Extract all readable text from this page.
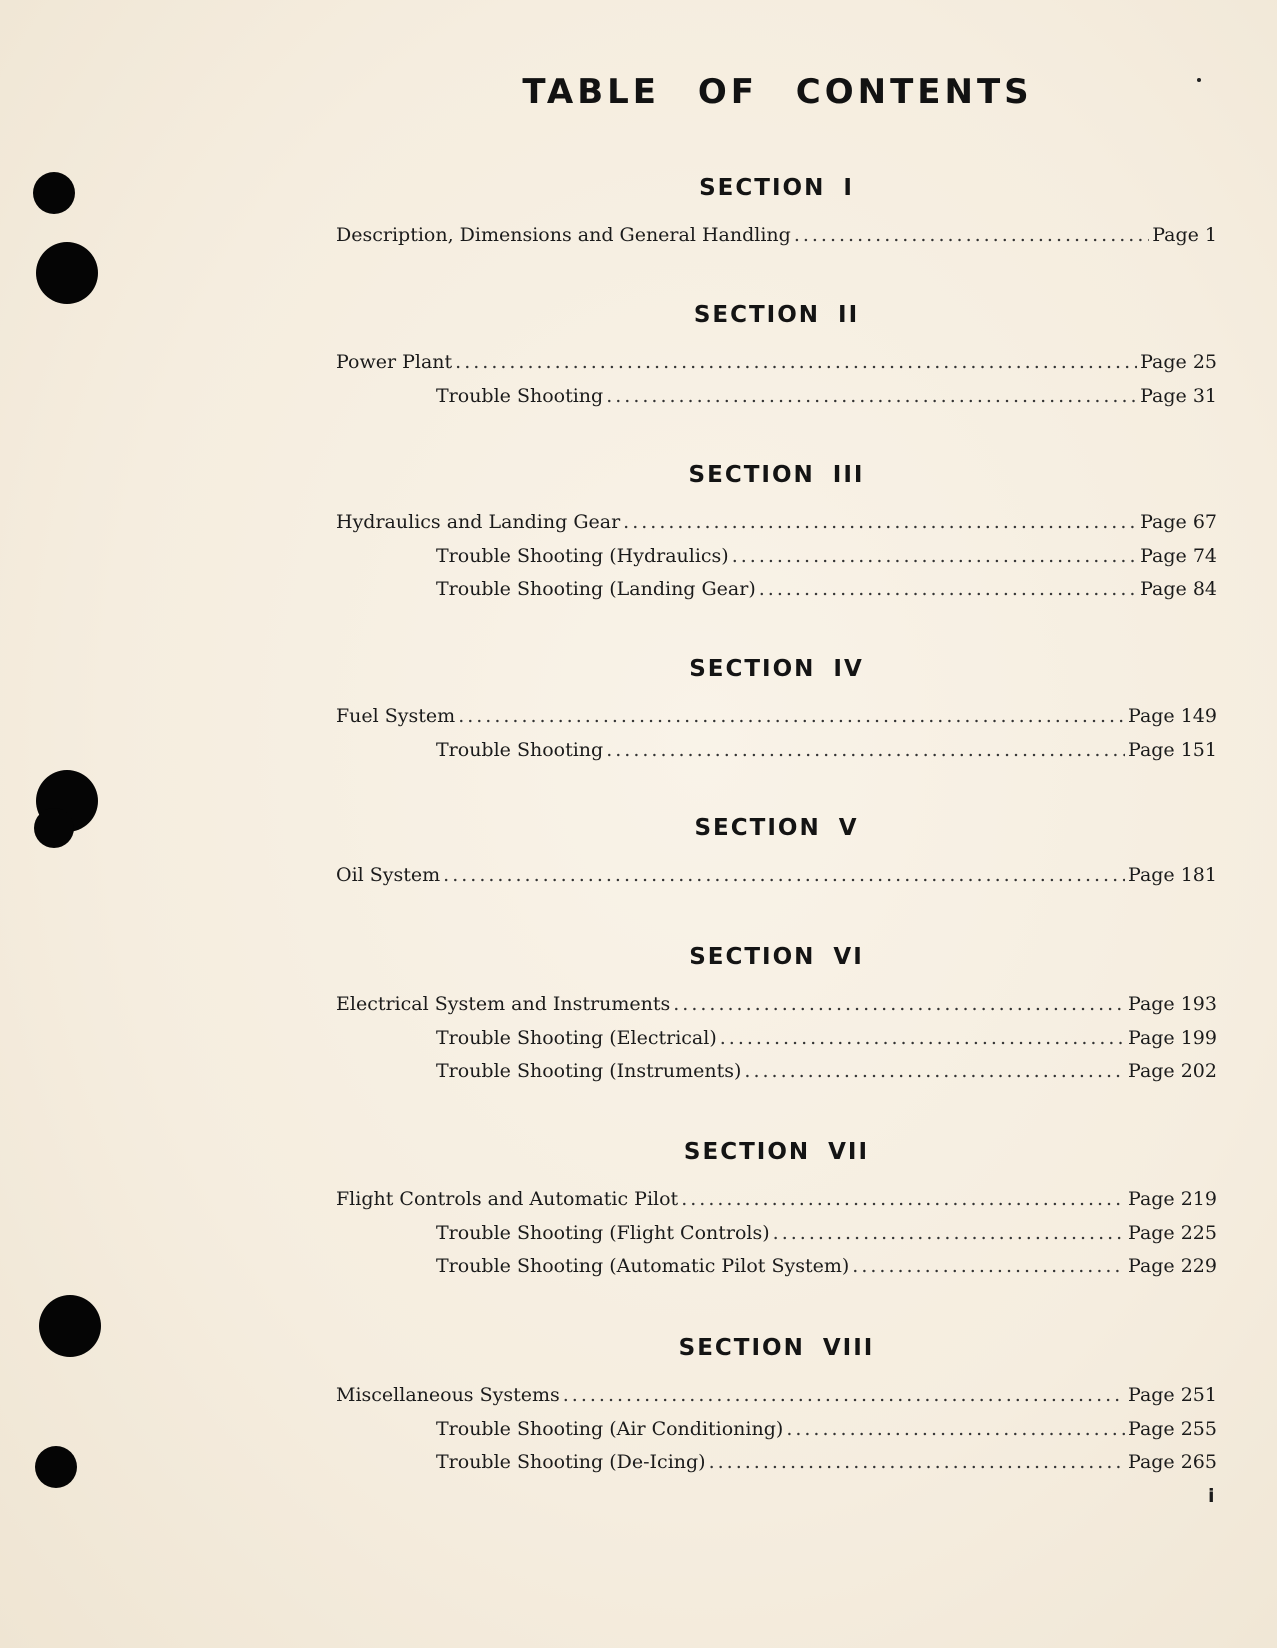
TABLE OF CONTENTS
SECTION I
Description, Dimensions and General Handling .....	Page 1
SECTION II
Power Plant .....	Page 25
Trouble Shooting .....	Page 31
SECTION III
Hydraulics and Landing Gear .....	Page 67
Trouble Shooting (Hydraulics) .....	Page 74
Trouble Shooting (Landing Gear) .....	Page 84
SECTION IV
Fuel System .....	Page 149
Trouble Shooting .....	Page 151
SECTION V
Oil System .....	Page 181
SECTION VI
Electrical System and Instruments .....	Page 193
Trouble Shooting (Electrical) .....	Page 199
Trouble Shooting (Instruments) .....	Page 202
SECTION VII
Flight Controls and Automatic Pilot .....	Page 219
Trouble Shooting (Flight Controls) .....	Page 225
Trouble Shooting (Automatic Pilot System) .....	Page 229
SECTION VIII
Miscellaneous Systems .....	Page 251
Trouble Shooting (Air Conditioning) .....	Page 255
Trouble Shooting (De-Icing) .....	Page 265
i
